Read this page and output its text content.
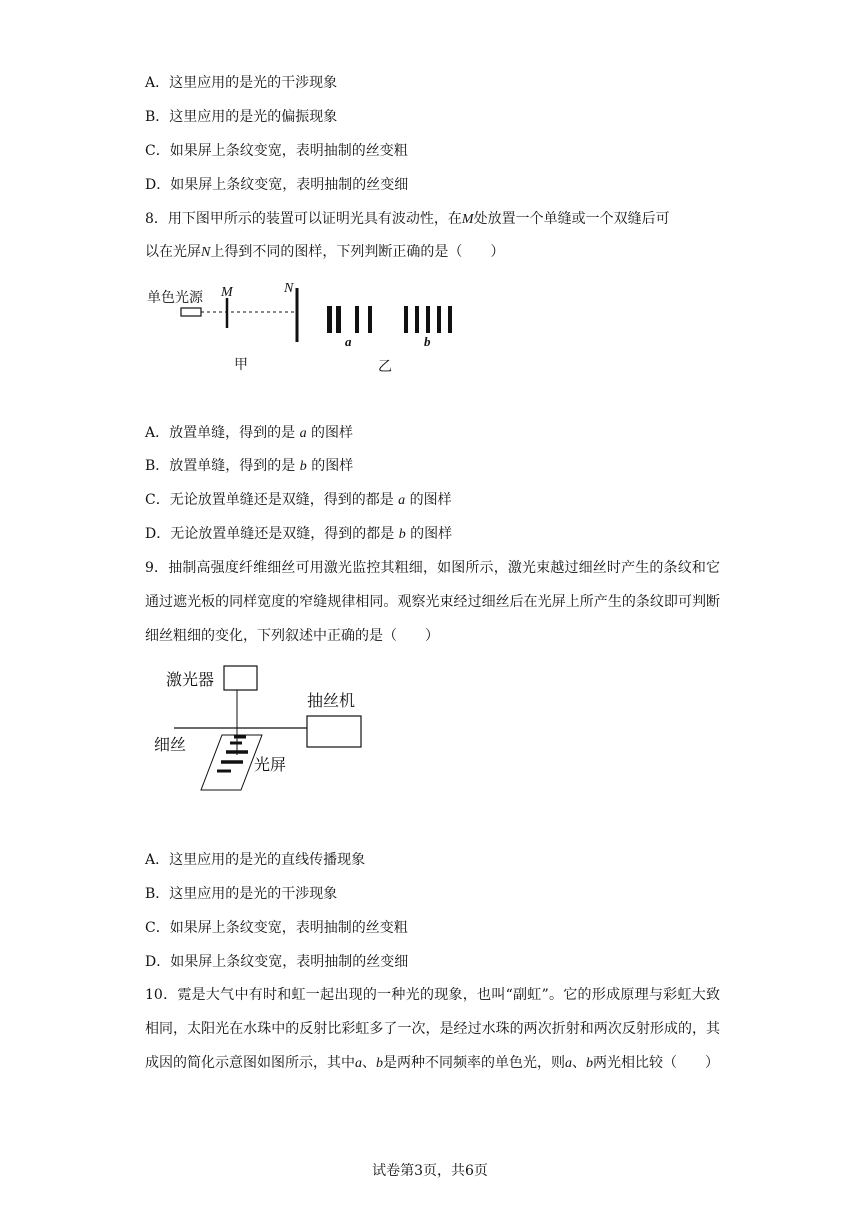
A．这里应用的是光的干涉现象
B．这里应用的是光的偏振现象
C．如果屏上条纹变宽，表明抽制的丝变粗
D．如果屏上条纹变宽，表明抽制的丝变细
8．用下图甲所示的装置可以证明光具有波动性，在M处放置一个单缝或一个双缝后可
以在光屏N上得到不同的图样，下列判断正确的是（　　）
单色光源 M	N
a	b
甲	乙
A．放置单缝，得到的是 a 的图样
B．放置单缝，得到的是 b 的图样
C．无论放置单缝还是双缝，得到的都是 a 的图样
D．无论放置单缝还是双缝，得到的都是 b 的图样
9．抽制高强度纤维细丝可用激光监控其粗细，如图所示，激光束越过细丝时产生的条纹和它通过遮光板的同样宽度的窄缝规律相同。观察光束经过细丝后在光屏上所产生的条纹即可判断细丝粗细的变化，下列叙述中正确的是（　　）
激光器
抽丝机
细丝
光屏
A．这里应用的是光的直线传播现象
B．这里应用的是光的干涉现象
C．如果屏上条纹变宽，表明抽制的丝变粗
D．如果屏上条纹变宽，表明抽制的丝变细
10．霓是大气中有时和虹一起出现的一种光的现象，也叫“副虹”。它的形成原理与彩虹大致相同，太阳光在水珠中的反射比彩虹多了一次，是经过水珠的两次折射和两次反射形成的，其成因的简化示意图如图所示，其中a、b是两种不同频率的单色光，则a、b两光相比较（　　）
试卷第3页，共6页
